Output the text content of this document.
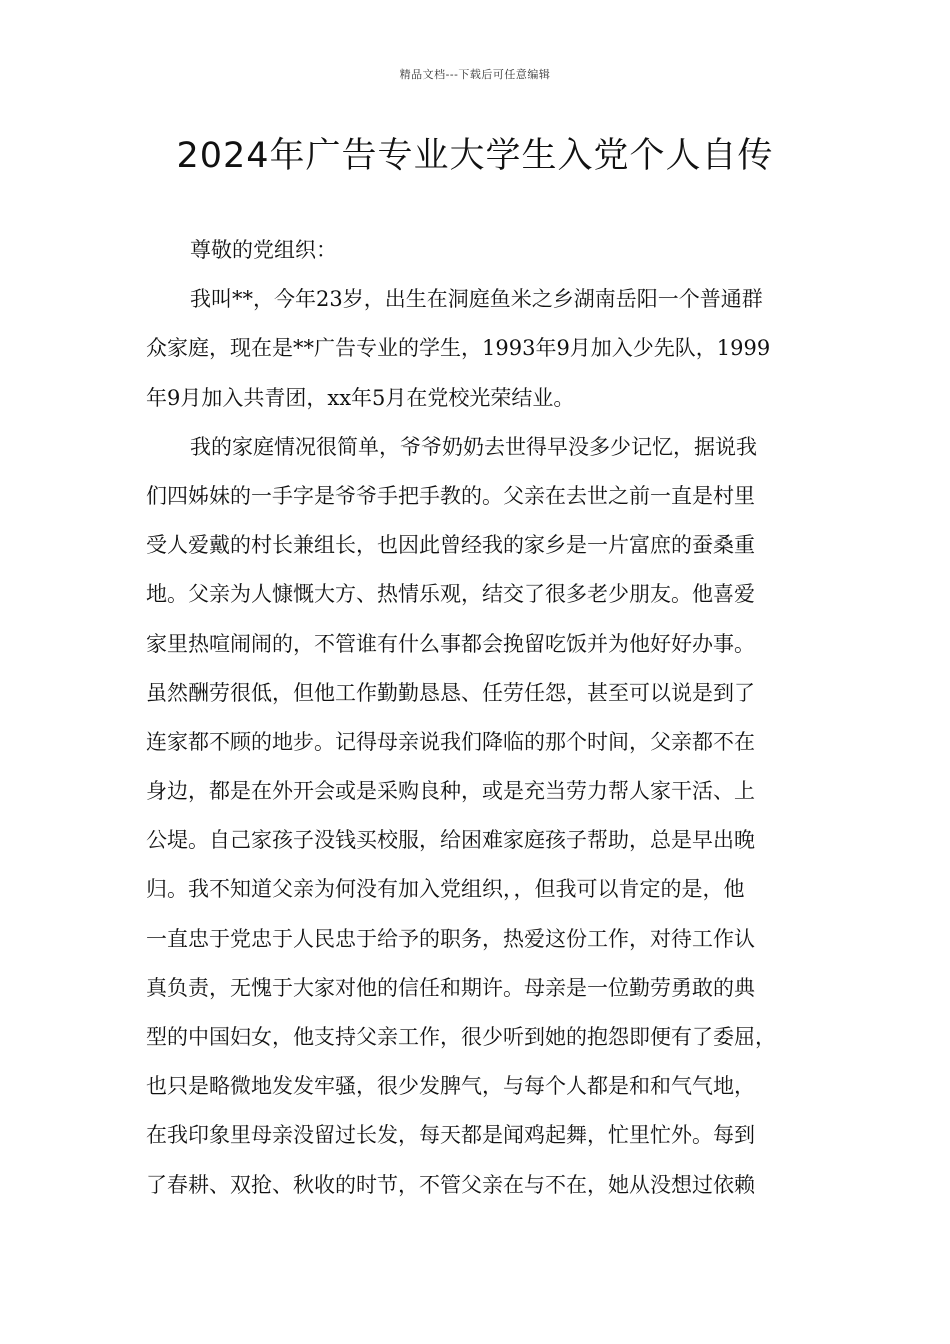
精品文档---下载后可任意编辑
2024年广告专业大学生入党个人自传
尊敬的党组织：
我叫**，今年23岁，出生在洞庭鱼米之乡湖南岳阳一个普通群
众家庭，现在是**广告专业的学生，1993年9月加入少先队，1999
年9月加入共青团，xx年5月在党校光荣结业。
我的家庭情况很简单，爷爷奶奶去世得早没多少记忆，据说我
们四姊妹的一手字是爷爷手把手教的。父亲在去世之前一直是村里
受人爱戴的村长兼组长，也因此曾经我的家乡是一片富庶的蚕桑重
地。父亲为人慷慨大方、热情乐观，结交了很多老少朋友。他喜爱
家里热喧闹闹的，不管谁有什么事都会挽留吃饭并为他好好办事。
虽然酬劳很低，但他工作勤勤恳恳、任劳任怨，甚至可以说是到了
连家都不顾的地步。记得母亲说我们降临的那个时间，父亲都不在
身边，都是在外开会或是采购良种，或是充当劳力帮人家干活、上
公堤。自己家孩子没钱买校服，给困难家庭孩子帮助，总是早出晚
归。我不知道父亲为何没有加入党组织，，但我可以肯定的是，他
一直忠于党忠于人民忠于给予的职务，热爱这份工作，对待工作认
真负责，无愧于大家对他的信任和期许。母亲是一位勤劳勇敢的典
型的中国妇女，他支持父亲工作，很少听到她的抱怨即便有了委屈，
也只是略微地发发牢骚，很少发脾气，与每个人都是和和气气地，
在我印象里母亲没留过长发，每天都是闻鸡起舞，忙里忙外。每到
了春耕、双抢、秋收的时节，不管父亲在与不在，她从没想过依赖
